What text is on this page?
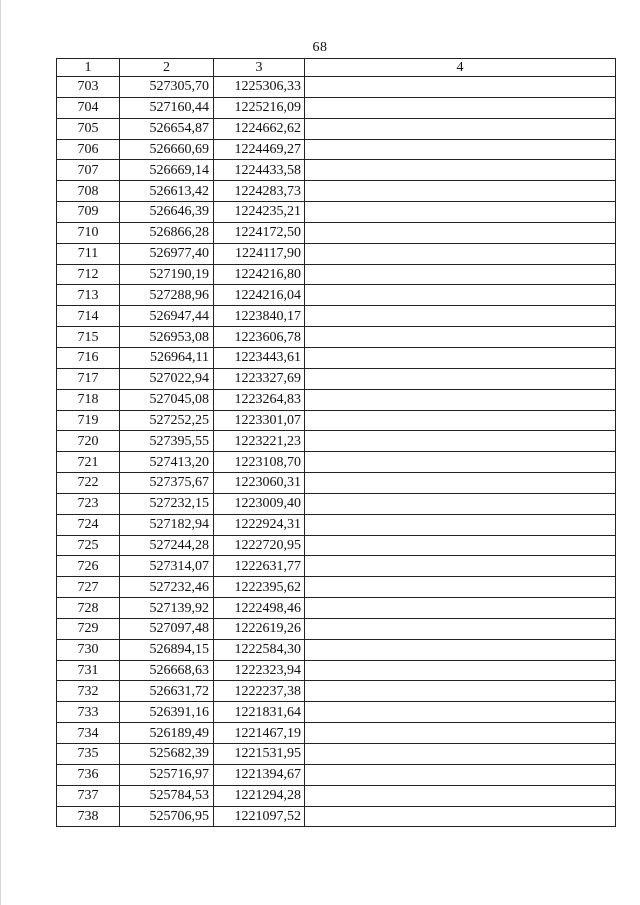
68
1	2	3	4
703	527305,70	1225306,33	
704	527160,44	1225216,09	
705	526654,87	1224662,62	
706	526660,69	1224469,27	
707	526669,14	1224433,58	
708	526613,42	1224283,73	
709	526646,39	1224235,21	
710	526866,28	1224172,50	
711	526977,40	1224117,90	
712	527190,19	1224216,80	
713	527288,96	1224216,04	
714	526947,44	1223840,17	
715	526953,08	1223606,78	
716	526964,11	1223443,61	
717	527022,94	1223327,69	
718	527045,08	1223264,83	
719	527252,25	1223301,07	
720	527395,55	1223221,23	
721	527413,20	1223108,70	
722	527375,67	1223060,31	
723	527232,15	1223009,40	
724	527182,94	1222924,31	
725	527244,28	1222720,95	
726	527314,07	1222631,77	
727	527232,46	1222395,62	
728	527139,92	1222498,46	
729	527097,48	1222619,26	
730	526894,15	1222584,30	
731	526668,63	1222323,94	
732	526631,72	1222237,38	
733	526391,16	1221831,64	
734	526189,49	1221467,19	
735	525682,39	1221531,95	
736	525716,97	1221394,67	
737	525784,53	1221294,28	
738	525706,95	1221097,52	
